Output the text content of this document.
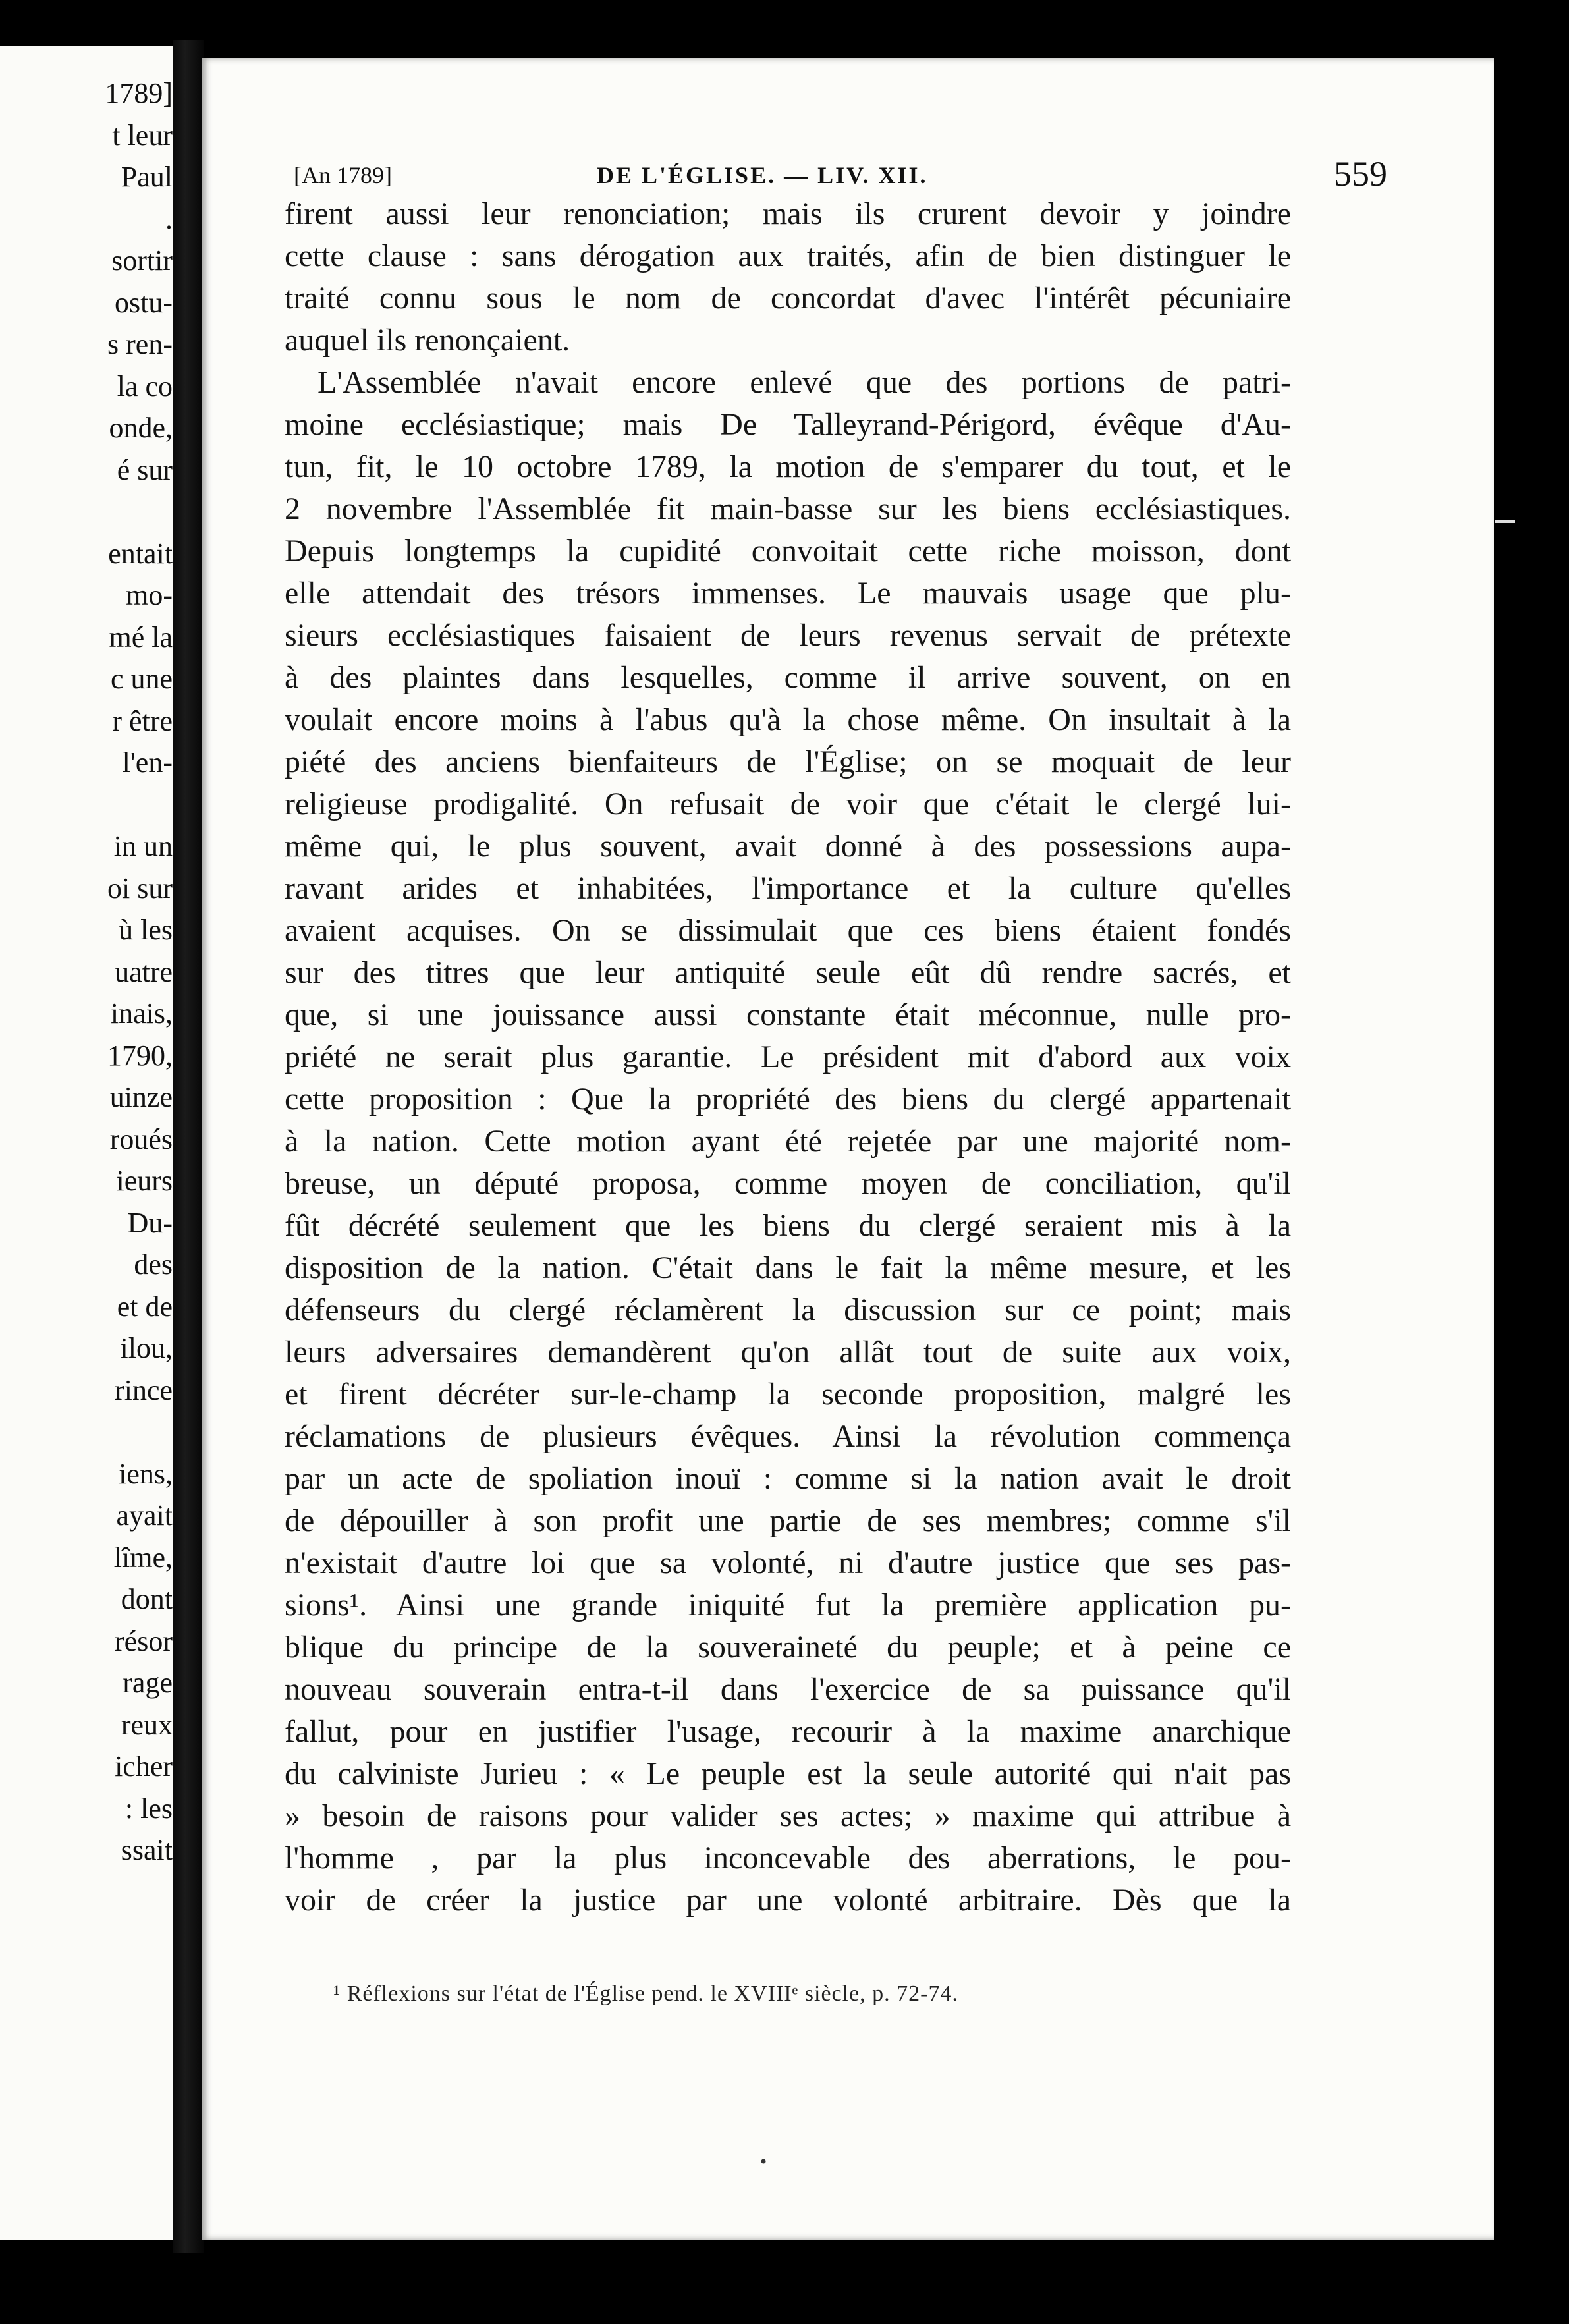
1789]
t leur
Paul
.
sortir
ostu-
s ren-
la co
onde,
é sur
entait
mo-
mé la
c une
r être
l'en-
in un
oi sur
ù les
uatre
inais,
1790,
uinze
roués
ieurs
Du-
des
et de
ilou,
rince
iens,
ayait
lîme,
dont
résor
rage
reux
icher
: les
ssait
[An 1789]	DE L'ÉGLISE. — LIV. XII.	559
firent aussi leur renonciation; mais ils crurent devoir y joindre
cette clause : sans dérogation aux traités, afin de bien distinguer le
traité connu sous le nom de concordat d'avec l'intérêt pécuniaire
auquel ils renonçaient.
L'Assemblée n'avait encore enlevé que des portions de patri-
moine ecclésiastique; mais De Talleyrand-Périgord, évêque d'Au-
tun, fit, le 10 octobre 1789, la motion de s'emparer du tout, et le
2 novembre l'Assemblée fit main-basse sur les biens ecclésiastiques.
Depuis longtemps la cupidité convoitait cette riche moisson, dont
elle attendait des trésors immenses. Le mauvais usage que plu-
sieurs ecclésiastiques faisaient de leurs revenus servait de prétexte
à des plaintes dans lesquelles, comme il arrive souvent, on en
voulait encore moins à l'abus qu'à la chose même. On insultait à la
piété des anciens bienfaiteurs de l'Église; on se moquait de leur
religieuse prodigalité. On refusait de voir que c'était le clergé lui-
même qui, le plus souvent, avait donné à des possessions aupa-
ravant arides et inhabitées, l'importance et la culture qu'elles
avaient acquises. On se dissimulait que ces biens étaient fondés
sur des titres que leur antiquité seule eût dû rendre sacrés, et
que, si une jouissance aussi constante était méconnue, nulle pro-
priété ne serait plus garantie. Le président mit d'abord aux voix
cette proposition : Que la propriété des biens du clergé appartenait
à la nation. Cette motion ayant été rejetée par une majorité nom-
breuse, un député proposa, comme moyen de conciliation, qu'il
fût décrété seulement que les biens du clergé seraient mis à la
disposition de la nation. C'était dans le fait la même mesure, et les
défenseurs du clergé réclamèrent la discussion sur ce point; mais
leurs adversaires demandèrent qu'on allât tout de suite aux voix,
et firent décréter sur-le-champ la seconde proposition, malgré les
réclamations de plusieurs évêques. Ainsi la révolution commença
par un acte de spoliation inouï : comme si la nation avait le droit
de dépouiller à son profit une partie de ses membres; comme s'il
n'existait d'autre loi que sa volonté, ni d'autre justice que ses pas-
sions¹. Ainsi une grande iniquité fut la première application pu-
blique du principe de la souveraineté du peuple; et à peine ce
nouveau souverain entra-t-il dans l'exercice de sa puissance qu'il
fallut, pour en justifier l'usage, recourir à la maxime anarchique
du calviniste Jurieu : « Le peuple est la seule autorité qui n'ait pas
» besoin de raisons pour valider ses actes; » maxime qui attribue à
l'homme , par la plus inconcevable des aberrations, le pou-
voir de créer la justice par une volonté arbitraire. Dès que la
¹ Réflexions sur l'état de l'Église pend. le XVIIIᵉ siècle, p. 72-74.
•
